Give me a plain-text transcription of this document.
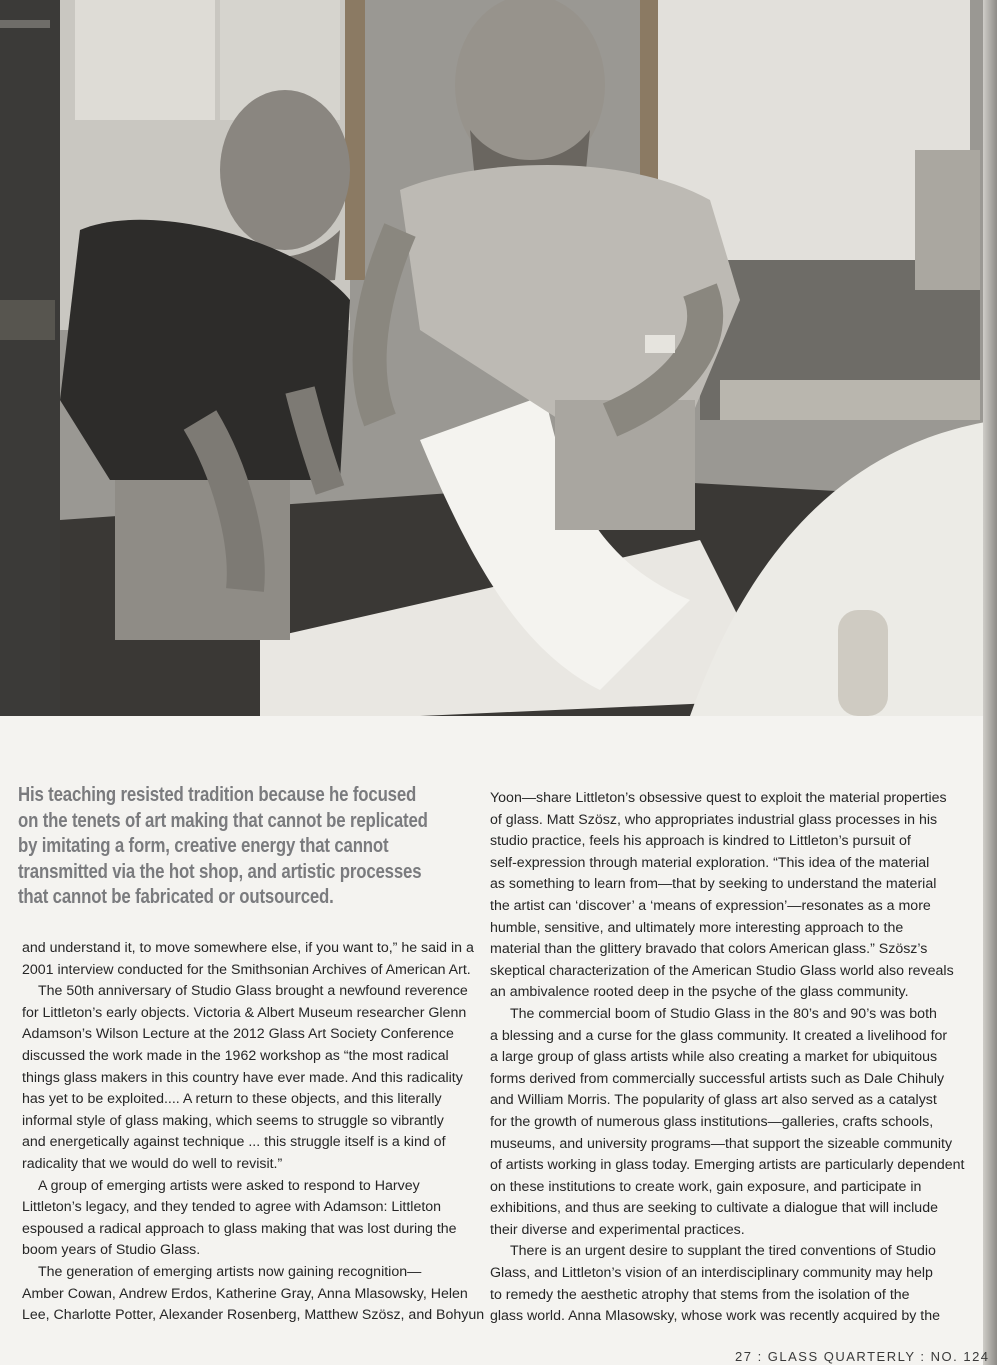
His teaching resisted tradition because he focused
on the tenets of art making that cannot be replicated
by imitating a form, creative energy that cannot
transmitted via the hot shop, and artistic processes
that cannot be fabricated or outsourced.

and understand it, to move somewhere else, if you want to,” he said in a
2001 interview conducted for the Smithsonian Archives of American Art.

The 50th anniversary of Studio Glass brought a newfound reverence
for Littleton’s early objects. Victoria & Albert Museum researcher Glenn
Adamson’s Wilson Lecture at the 2012 Glass Art Society Conference
discussed the work made in the 1962 workshop as “the most radical
things glass makers in this country have ever made. And this radicality
has yet to be exploited.... A return to these objects, and this literally
informal style of glass making, which seems to struggle so vibrantly
and energetically against technique ... this struggle itself is a kind of
radicality that we would do well to revisit.”

A group of emerging artists were asked to respond to Harvey
Littleton’s legacy, and they tended to agree with Adamson: Littleton
espoused a radical approach to glass making that was lost during the
boom years of Studio Glass.

The generation of emerging artists now gaining recognition—
Amber Cowan, Andrew Erdos, Katherine Gray, Anna Mlasowsky, Helen
Lee, Charlotte Potter, Alexander Rosenberg, Matthew Szösz, and Bohyun

Yoon—share Littleton’s obsessive quest to exploit the material properties
of glass. Matt Szösz, who appropriates industrial glass processes in his
studio practice, feels his approach is kindred to Littleton’s pursuit of
self-expression through material exploration. “This idea of the material
as something to learn from—that by seeking to understand the material
the artist can ‘discover’ a ‘means of expression’—resonates as a more
humble, sensitive, and ultimately more interesting approach to the
material than the glittery bravado that colors American glass.” Szösz’s
skeptical characterization of the American Studio Glass world also reveals
an ambivalence rooted deep in the psyche of the glass community.

The commercial boom of Studio Glass in the 80’s and 90’s was both
a blessing and a curse for the glass community. It created a livelihood for
a large group of glass artists while also creating a market for ubiquitous
forms derived from commercially successful artists such as Dale Chihuly
and William Morris. The popularity of glass art also served as a catalyst
for the growth of numerous glass institutions—galleries, crafts schools,
museums, and university programs—that support the sizeable community
of artists working in glass today. Emerging artists are particularly dependent
on these institutions to create work, gain exposure, and participate in
exhibitions, and thus are seeking to cultivate a dialogue that will include
their diverse and experimental practices.

There is an urgent desire to supplant the tired conventions of Studio
Glass, and Littleton’s vision of an interdisciplinary community may help
to remedy the aesthetic atrophy that stems from the isolation of the
glass world. Anna Mlasowsky, whose work was recently acquired by the

27 : GLASS QUARTERLY : NO. 124
